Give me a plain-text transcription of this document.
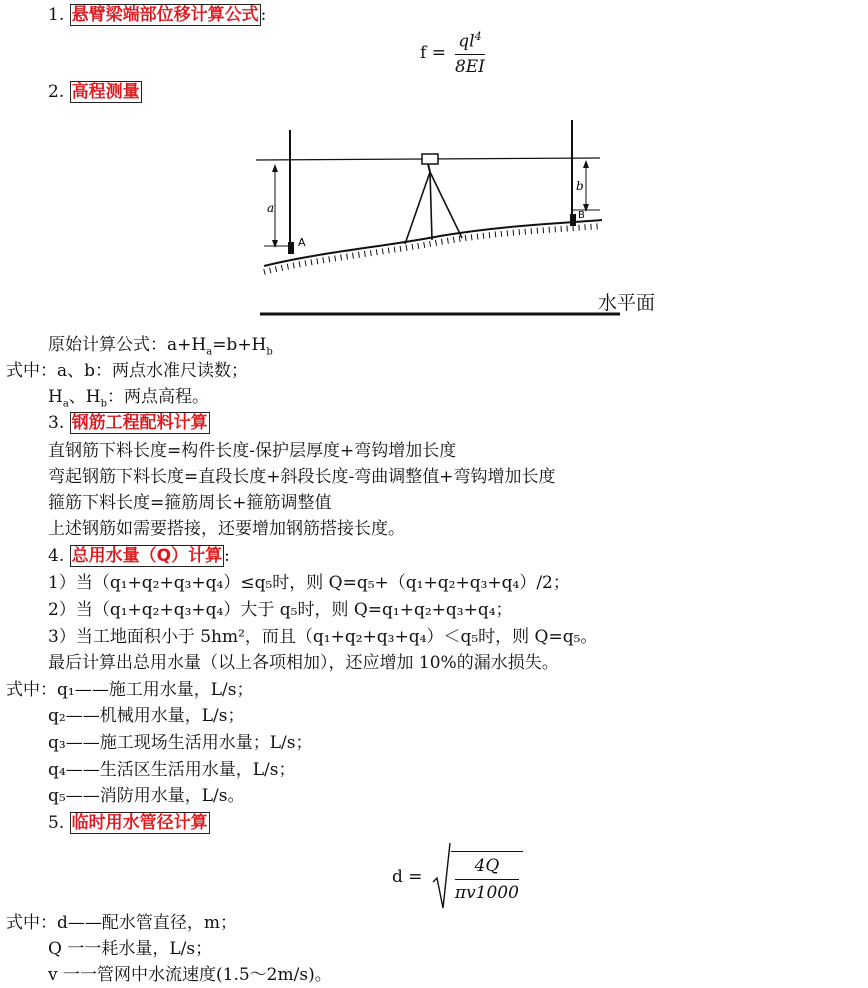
1. 悬臂梁端部位移计算公式 :
$f = \frac{ql^4}{8EI}$
2. 高程测量
a
b
A
B
水平面
原始计算公式：$a+H_a=b+H_b$
式中：a、b：两点水准尺读数；
$H_a$、$H_b$：两点高程。
3. 钢筋工程配料计算
直钢筋下料长度=构件长度-保护层厚度+弯钩增加长度
弯起钢筋下料长度=直段长度+斜段长度-弯曲调整值+弯钩增加长度
箍筋下料长度=箍筋周长+箍筋调整值
上述钢筋如需要搭接，还要增加钢筋搭接长度。
4. 总用水量（Q）计算 :
1）当（q₁+q₂+q₃+q₄）≤q₅时，则 Q=q₅+（q₁+q₂+q₃+q₄）/2；
2）当（q₁+q₂+q₃+q₄）大于 q₅时，则 Q=q₁+q₂+q₃+q₄；
3）当工地面积小于 5hm²，而且（q₁+q₂+q₃+q₄）＜q₅时，则 Q=q₅。
最后计算出总用水量（以上各项相加），还应增加 10%的漏水损失。
式中：q₁——施工用水量，L/s；
q₂——机械用水量，L/s；
q₃——施工现场生活用水量；L/s；
q₄——生活区生活用水量，L/s；
q₅——消防用水量，L/s。
5. 临时用水管径计算
$d = \frac{4Q}{\pi v1000}$
式中：d——配水管直径，m；
Q 一一耗水量，L/s；
v 一一管网中水流速度(1.5～2m/s)。
